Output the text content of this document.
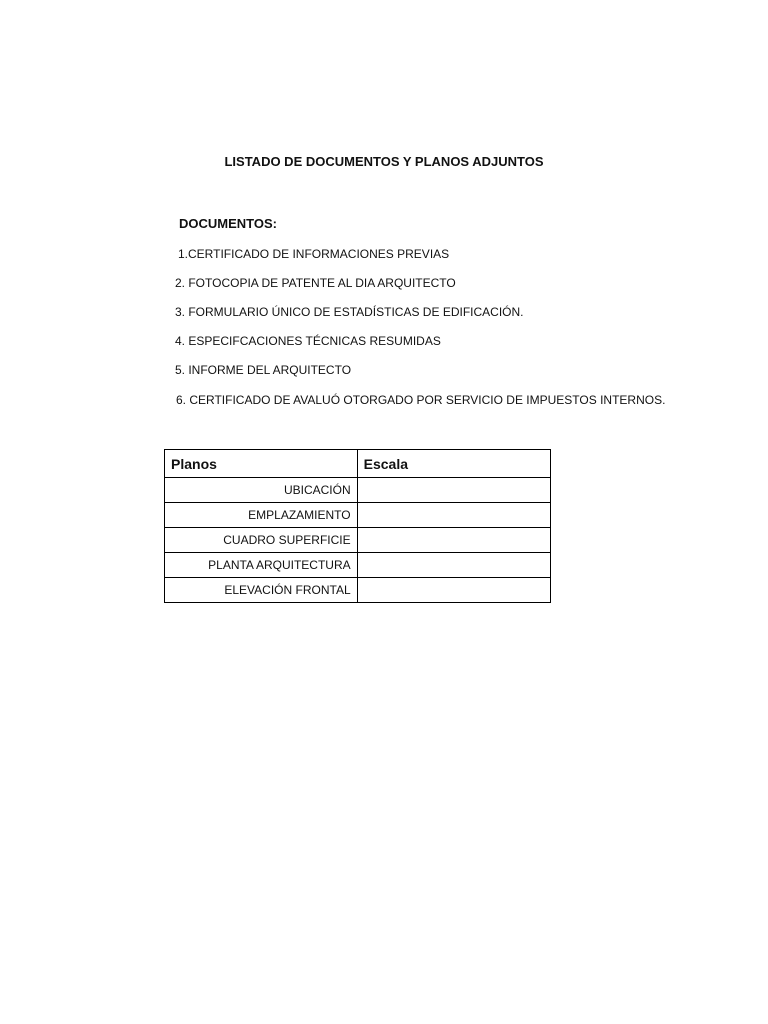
LISTADO DE DOCUMENTOS Y PLANOS ADJUNTOS
DOCUMENTOS:
1.CERTIFICADO DE INFORMACIONES PREVIAS
2. FOTOCOPIA DE PATENTE AL DIA ARQUITECTO
3. FORMULARIO ÚNICO DE ESTADÍSTICAS DE EDIFICACIÓN.
4. ESPECIFCACIONES TÉCNICAS RESUMIDAS
5. INFORME DEL ARQUITECTO
6. CERTIFICADO DE AVALUÓ OTORGADO POR SERVICIO DE IMPUESTOS INTERNOS.
Planos	Escala
UBICACIÓN	
EMPLAZAMIENTO	
CUADRO SUPERFICIE	
PLANTA ARQUITECTURA	
ELEVACIÓN FRONTAL	
